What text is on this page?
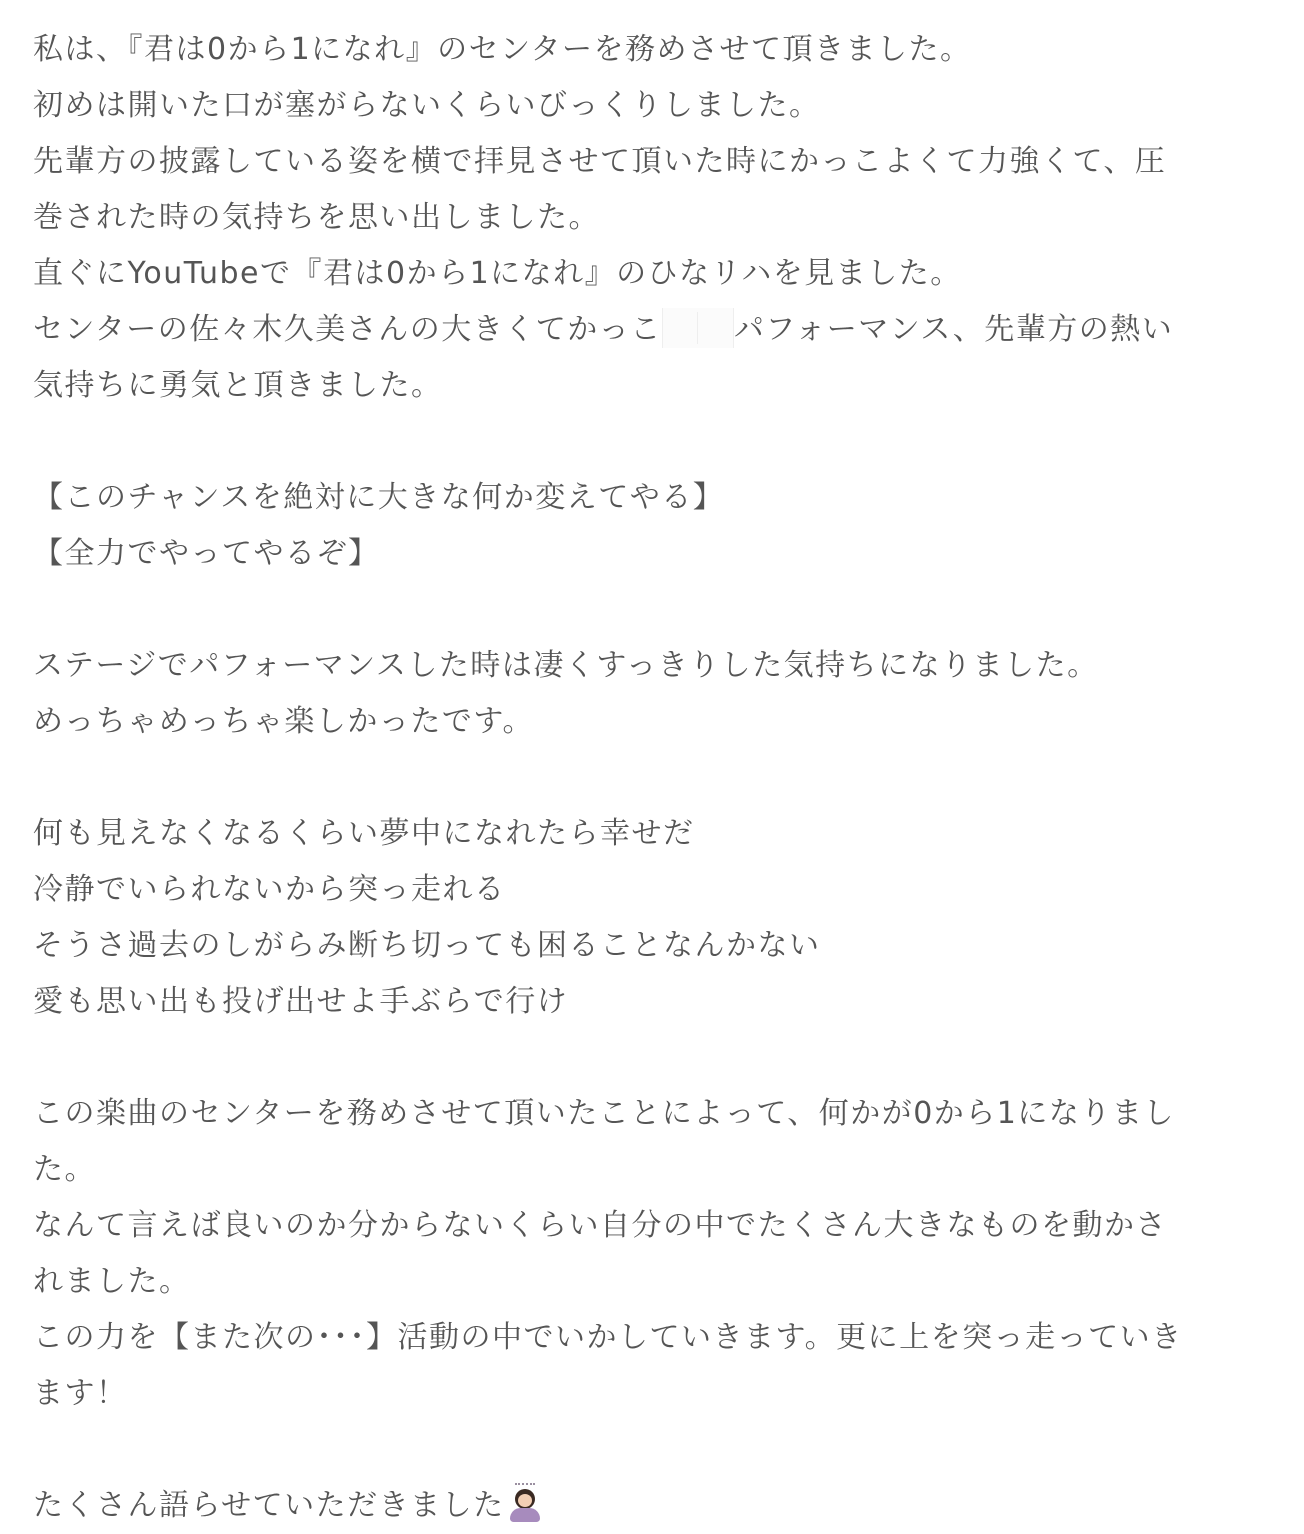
私は、『君は0から1になれ』のセンターを務めさせて頂きました。
初めは開いた口が塞がらないくらいびっくりしました。
先輩方の披露している姿を横で拝見させて頂いた時にかっこよくて力強くて、圧
巻された時の気持ちを思い出しました。
直ぐにYouTubeで『君は0から1になれ』のひなリハを見ました。
センターの佐々木久美さんの大きくてかっこ パフォーマンス、先輩方の熱い
気持ちに勇気と頂きました。
【このチャンスを絶対に大きな何か変えてやる】
【全力でやってやるぞ】
ステージでパフォーマンスした時は凄くすっきりした気持ちになりました。
めっちゃめっちゃ楽しかったです。
何も見えなくなるくらい夢中になれたら幸せだ
冷静でいられないから突っ走れる
そうさ過去のしがらみ断ち切っても困ることなんかない
愛も思い出も投げ出せよ手ぶらで行け
この楽曲のセンターを務めさせて頂いたことによって、何かが0から1になりまし
た。
なんて言えば良いのか分からないくらい自分の中でたくさん大きなものを動かさ
れました。
この力を【また次の･･･】活動の中でいかしていきます。更に上を突っ走っていき
ます！
たくさん語らせていただきました
